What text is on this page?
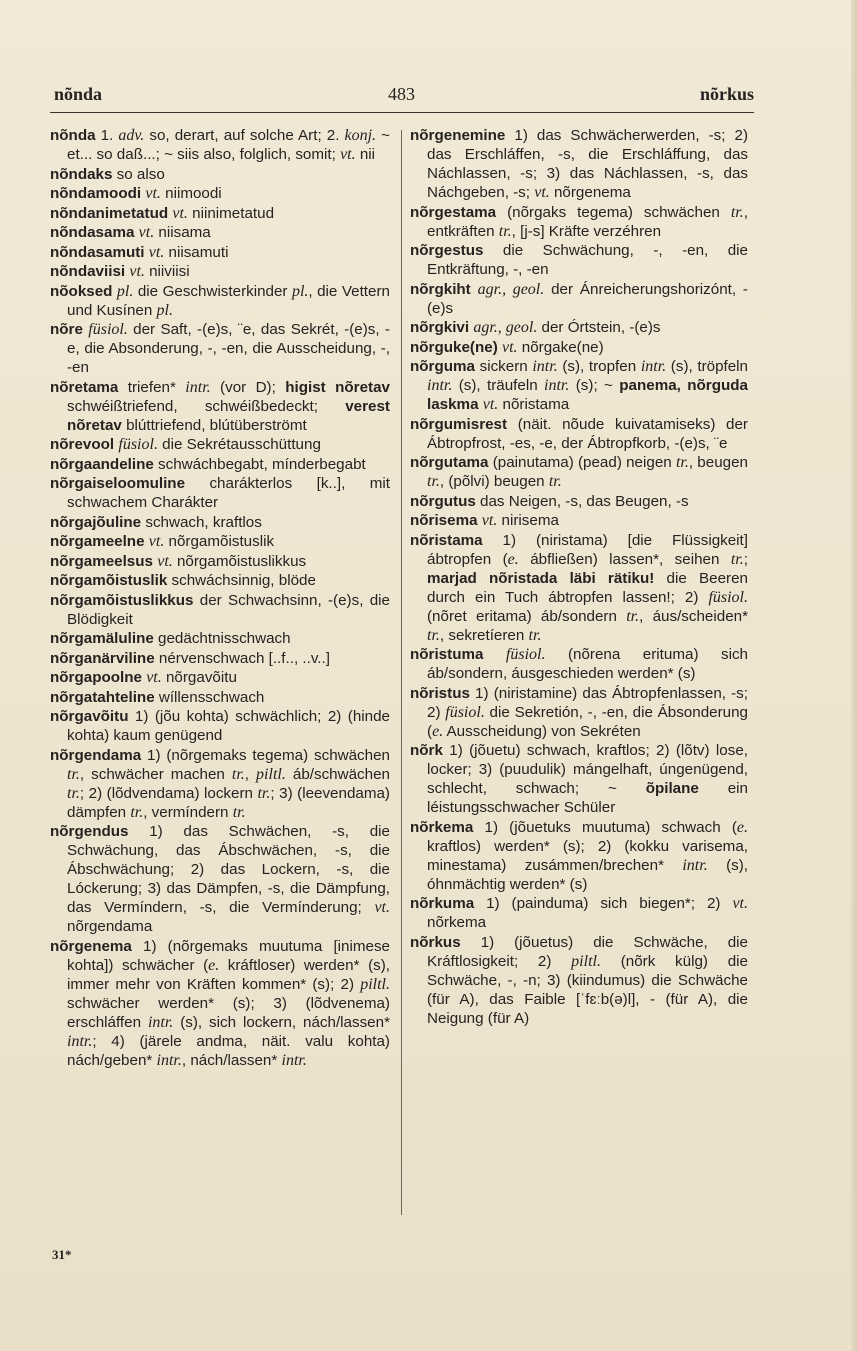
nõnda	483	nõrkus
nõnda 1. adv. so, derart, auf solche Art; 2. konj. ~ et... so daß...; ~ siis also, folglich, somit; vt. nii
nõndaks so also
nõndamoodi vt. niimoodi
nõndanimetatud vt. niinimetatud
nõndasama vt. niisama
nõndasamuti vt. niisamuti
nõndaviisi vt. niiviisi
nõoksed pl. die Geschwisterkinder pl., die Vettern und Kusínen pl.
nõre füsiol. der Saft, -(e)s, ¨e, das Sekrét, -(e)s, -e, die Absonderung, -, -en, die Ausscheidung, -, -en
nõretama triefen* intr. (vor D); higist nõretav schwéißtriefend, schwéißbedeckt; verest nõretav blúttriefend, blútüberströmt
nõrevool füsiol. die Sekrétausschüttung
nõrgaandeline schwáchbegabt, mínderbegabt
nõrgaiseloomuline charákterlos [k..], mit schwachem Charákter
nõrgajõuline schwach, kraftlos
nõrgameelne vt. nõrgamõistuslik
nõrgameelsus vt. nõrgamõistuslikkus
nõrgamõistuslik schwáchsinnig, blöde
nõrgamõistuslikkus der Schwachsinn, -(e)s, die Blödigkeit
nõrgamäluline gedächtnisschwach
nõrganärviline nérvenschwach [..f.., ..v..]
nõrgapoolne vt. nõrgavõitu
nõrgatahteline wíllensschwach
nõrgavõitu 1) (jõu kohta) schwächlich; 2) (hinde kohta) kaum genügend
nõrgendama 1) (nõrgemaks tegema) schwächen tr., schwächer machen tr., piltl. áb/schwächen tr.; 2) (lõdvendama) lockern tr.; 3) (leevendama) dämpfen tr., vermíndern tr.
nõrgendus 1) das Schwächen, -s, die Schwächung, das Ábschwächen, -s, die Ábschwächung; 2) das Lockern, -s, die Lóckerung; 3) das Dämpfen, -s, die Dämpfung, das Vermíndern, -s, die Vermínderung; vt. nõrgendama
nõrgenema 1) (nõrgemaks muutuma [inimese kohta]) schwächer (e. kráftloser) werden* (s), immer mehr von Kräften kommen* (s); 2) piltl. schwächer werden* (s); 3) (lõdvenema) erschláffen intr. (s), sich lockern, nách/lassen* intr.; 4) (järele andma, näit. valu kohta) nách/geben* intr., nách/lassen* intr.
nõrgenemine 1) das Schwächerwerden, -s; 2) das Erschláffen, -s, die Erschláffung, das Náchlassen, -s; 3) das Náchlassen, -s, das Náchgeben, -s; vt. nõrgenema
nõrgestama (nõrgaks tegema) schwächen tr., entkräften tr., [j-s] Kräfte verzéhren
nõrgestus die Schwächung, -, -en, die Entkräftung, -, -en
nõrgkiht agr., geol. der Ánreicherungshorizónt, -(e)s
nõrgkivi agr., geol. der Órtstein, -(e)s
nõrguke(ne) vt. nõrgake(ne)
nõrguma sickern intr. (s), tropfen intr. (s), tröpfeln intr. (s), träufeln intr. (s); ~ panema, nõrguda laskma vt. nõristama
nõrgumisrest (näit. nõude kuivatamiseks) der Ábtropfrost, -es, -e, der Ábtropfkorb, -(e)s, ¨e
nõrgutama (painutama) (pead) neigen tr., beugen tr., (põlvi) beugen tr.
nõrgutus das Neigen, -s, das Beugen, -s
nõrisema vt. nirisema
nõristama 1) (niristama) [die Flüssigkeit] ábtropfen (e. ábfließen) lassen*, seihen tr.; marjad nõristada läbi rätiku! die Beeren durch ein Tuch ábtropfen lassen!; 2) füsiol. (nõret eritama) áb/sondern tr., áus/scheiden* tr., sekretíeren tr.
nõristuma füsiol. (nõrena erituma) sich áb/sondern, áusgeschieden werden* (s)
nõristus 1) (niristamine) das Ábtropfenlassen, -s; 2) füsiol. die Sekretión, -, -en, die Ábsonderung (e. Ausscheidung) von Sekréten
nõrk 1) (jõuetu) schwach, kraftlos; 2) (lõtv) lose, locker; 3) (puudulik) mángelhaft, úngenügend, schlecht, schwach; ~ õpilane ein léistungsschwacher Schüler
nõrkema 1) (jõuetuks muutuma) schwach (e. kraftlos) werden* (s); 2) (kokku varisema, minestama) zusámmen/brechen* intr. (s), óhnmächtig werden* (s)
nõrkuma 1) (painduma) sich biegen*; 2) vt. nõrkema
nõrkus 1) (jõuetus) die Schwäche, die Kráftlosigkeit; 2) piltl. (nõrk külg) die Schwäche, -, -n; 3) (kiindumus) die Schwäche (für A), das Faible [ˈfɛːb(ə)l], - (für A), die Neigung (für A)
31*
